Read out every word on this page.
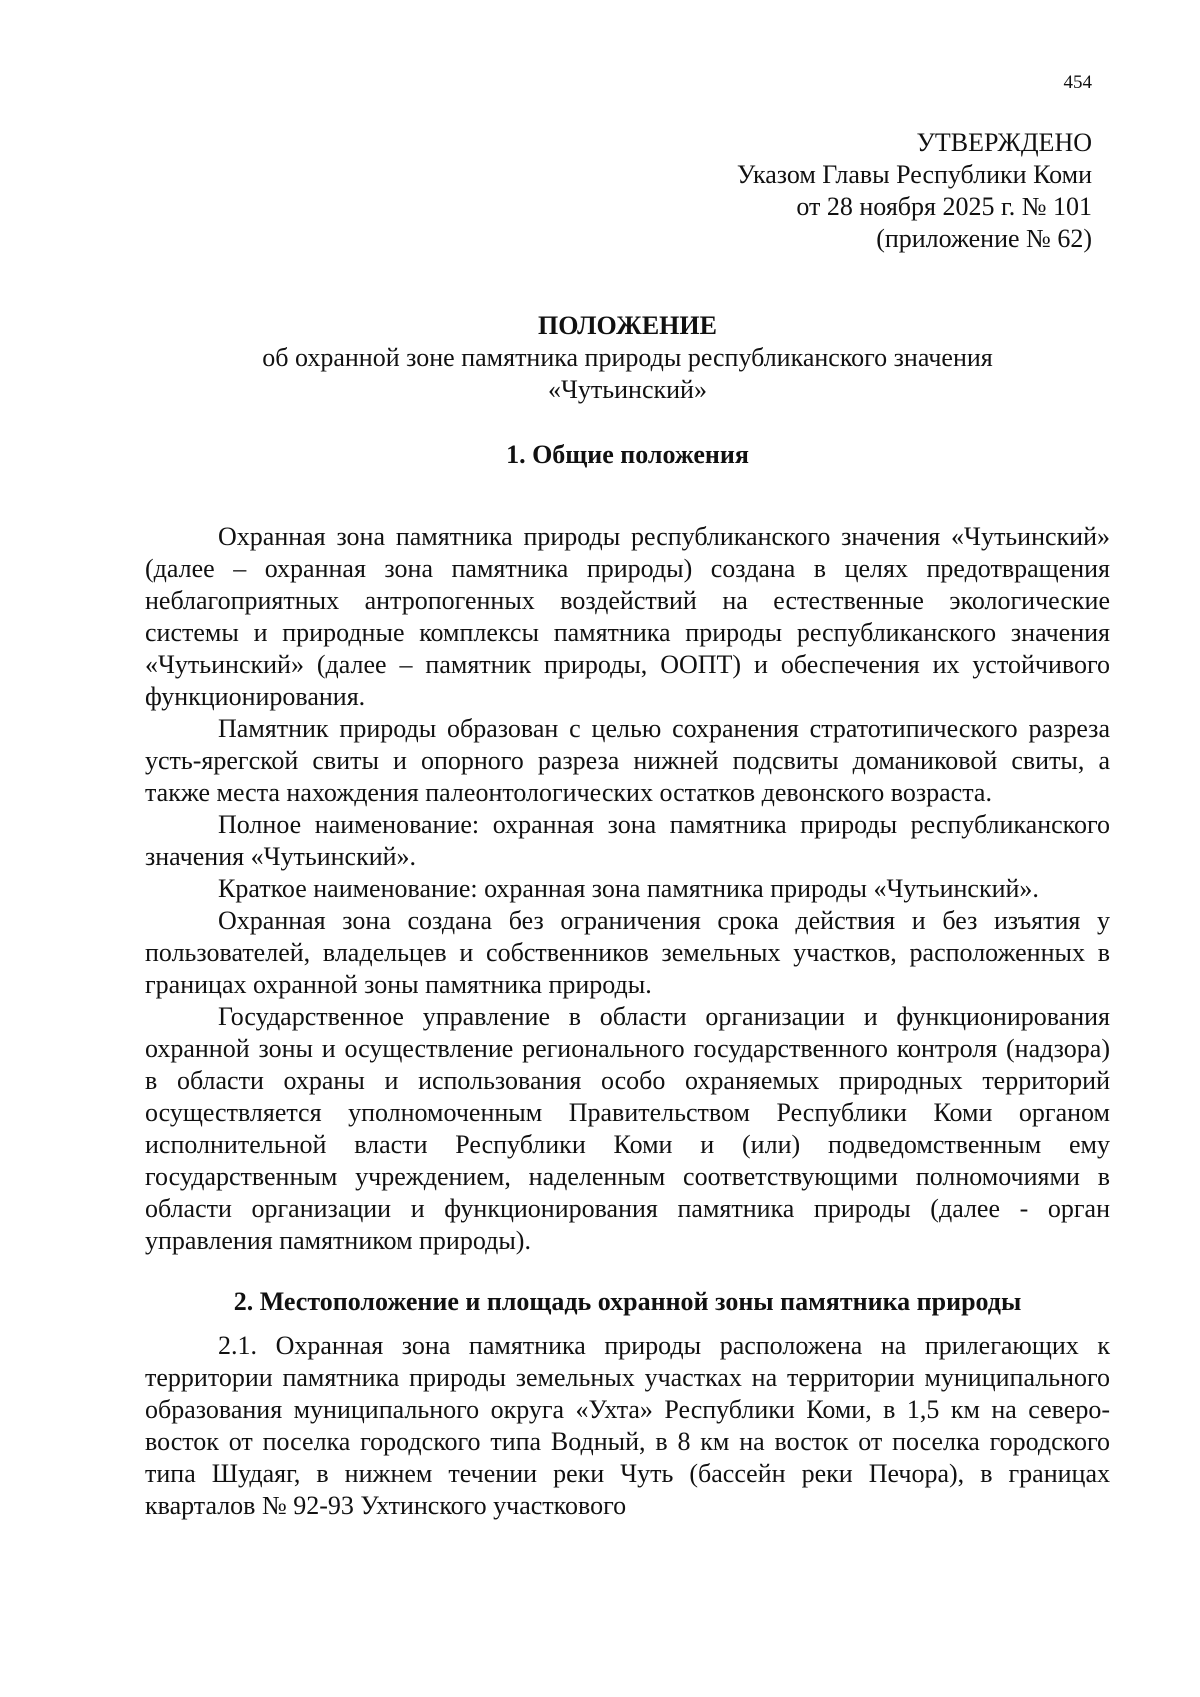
454
УТВЕРЖДЕНО
Указом Главы Республики Коми
от 28 ноября 2025 г. № 101
(приложение № 62)

ПОЛОЖЕНИЕ

об охранной зоне памятника природы республиканского значения

«Чутьинский»

1. Общие положения

Охранная зона памятника природы республиканского значения «Чутьинский» (далее – охранная зона памятника природы) создана в целях предотвращения неблагоприятных антропогенных воздействий на естественные экологические системы и природные комплексы памятника природы республиканского значения «Чутьинский» (далее – памятник природы, ООПТ) и обеспечения их устойчивого функционирования.

Памятник природы образован с целью сохранения стратотипического разреза усть-ярегской свиты и опорного разреза нижней подсвиты доманиковой свиты, а также места нахождения палеонтологических остатков девонского возраста.

Полное наименование: охранная зона памятника природы республиканского значения «Чутьинский».

Краткое наименование: охранная зона памятника природы «Чутьинский».

Охранная зона создана без ограничения срока действия и без изъятия у пользователей, владельцев и собственников земельных участков, расположенных в границах охранной зоны памятника природы.

Государственное управление в области организации и функционирования охранной зоны и осуществление регионального государственного контроля (надзора) в области охраны и использования особо охраняемых природных территорий осуществляется уполномоченным Правительством Республики Коми органом исполнительной власти Республики Коми и (или) подведомственным ему государственным учреждением, наделенным соответствующими полномочиями в области организации и функционирования памятника природы (далее - орган управления памятником природы).

2. Местоположение и площадь охранной зоны памятника природы

2.1. Охранная зона памятника природы расположена на прилегающих к территории памятника природы земельных участках на территории муниципального образования муниципального округа «Ухта» Республики Коми, в 1,5 км на северо-восток от поселка городского типа Водный, в 8 км на восток от поселка городского типа Шудаяг, в нижнем течении реки Чуть (бассейн реки Печора), в границах кварталов № 92-93 Ухтинского участкового
